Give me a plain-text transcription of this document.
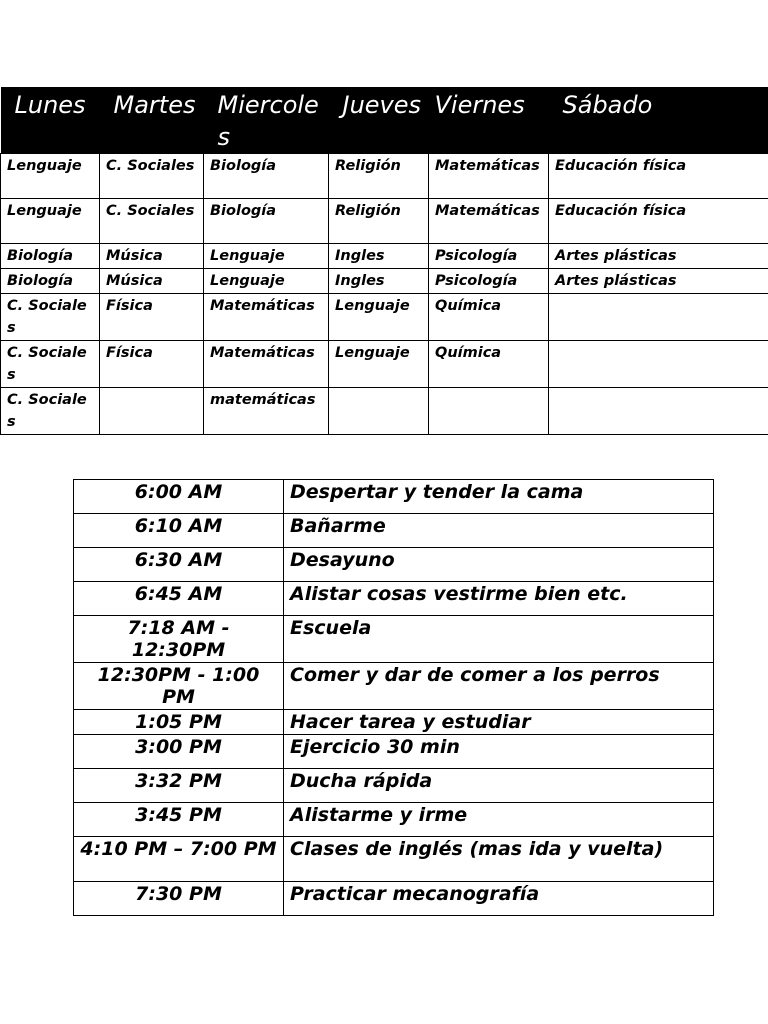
Lunes	Martes	Miercoles	Jueves	Viernes	Sábado
Lenguaje	C. Sociales	Biología	Religión	Matemáticas	Educación física
Lenguaje	C. Sociales	Biología	Religión	Matemáticas	Educación física
Biología	Música	Lenguaje	Ingles	Psicología	Artes plásticas
Biología	Música	Lenguaje	Ingles	Psicología	Artes plásticas
C. Sociales	Física	Matemáticas	Lenguaje	Química	
C. Sociales	Física	Matemáticas	Lenguaje	Química	
C. Sociales		matemáticas			
6:00 AM	Despertar y tender la cama
6:10 AM	Bañarme
6:30 AM	Desayuno
6:45 AM	Alistar cosas vestirme bien etc.
7:18 AM - 12:30PM	Escuela
12:30PM - 1:00 PM	Comer y dar de comer a los perros
1:05 PM	Hacer tarea y estudiar
3:00 PM	Ejercicio 30 min
3:32 PM	Ducha rápida
3:45 PM	Alistarme y irme
4:10 PM – 7:00 PM	Clases de inglés (mas ida y vuelta)
7:30 PM	Practicar mecanografía
